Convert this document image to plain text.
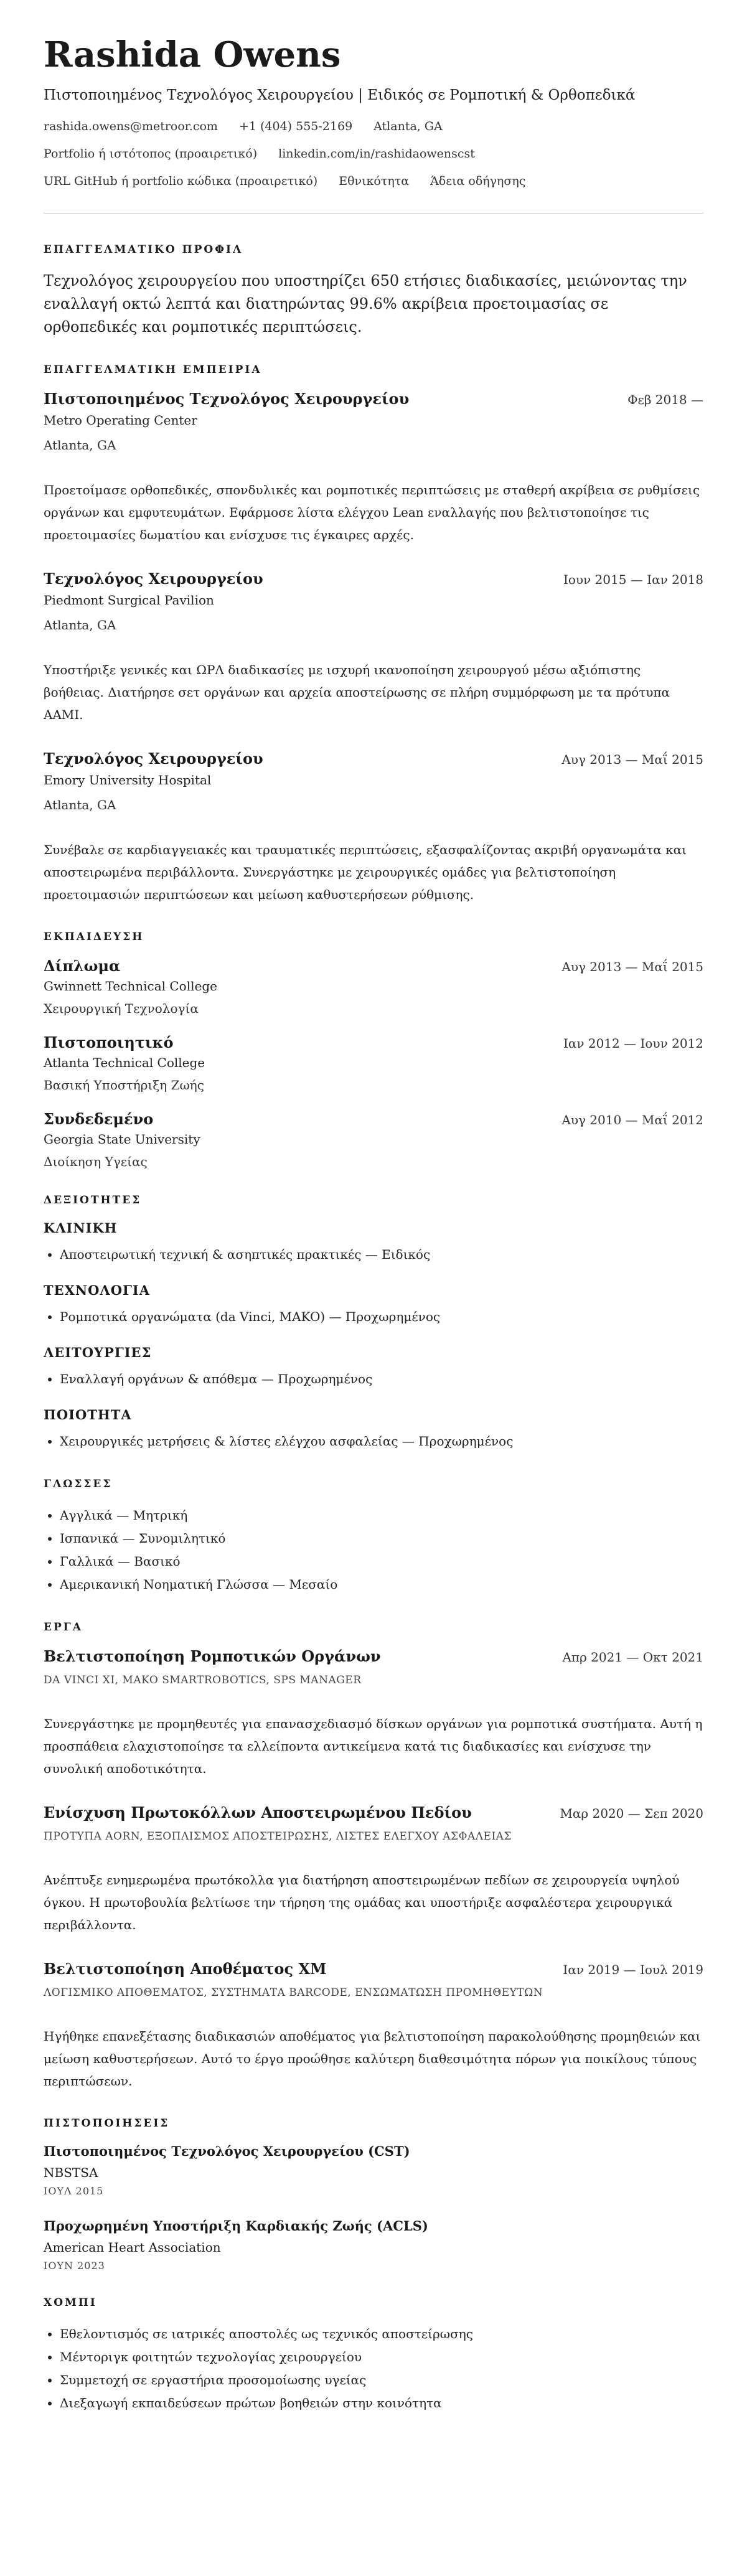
Rashida Owens
Πιστοποιημένος Τεχνολόγος Χειρουργείου | Ειδικός σε Ρομποτική & Ορθοπεδικά
rashida.owens@metroor.com +1 (404) 555-2169 Atlanta, GA
Portfolio ή ιστότοπος (προαιρετικό) linkedin.com/in/rashidaowenscst
URL GitHub ή portfolio κώδικα (προαιρετικό) Εθνικότητα Άδεια οδήγησης
ΕΠΑΓΓΕΛΜΑΤΙΚΟ ΠΡΟΦΙΛ

Τεχνολόγος χειρουργείου που υποστηρίζει 650 ετήσιες διαδικασίες, μειώνοντας την εναλλαγή οκτώ λεπτά και διατηρώντας 99.6% ακρίβεια προετοιμασίας σε ορθοπεδικές και ρομποτικές περιπτώσεις.

ΕΠΑΓΓΕΛΜΑΤΙΚΗ ΕΜΠΕΙΡΙΑ
Πιστοποιημένος Τεχνολόγος Χειρουργείου	Φεβ 2018 —
Metro Operating Center
Atlanta, GA

Προετοίμασε ορθοπεδικές, σπονδυλικές και ρομποτικές περιπτώσεις με σταθερή ακρίβεια σε ρυθμίσεις οργάνων και εμφυτευμάτων. Εφάρμοσε λίστα ελέγχου Lean εναλλαγής που βελτιστοποίησε τις προετοιμασίες δωματίου και ενίσχυσε τις έγκαιρες αρχές.

Τεχνολόγος Χειρουργείου	Ιουν 2015 — Ιαν 2018
Piedmont Surgical Pavilion
Atlanta, GA

Υποστήριξε γενικές και ΩΡΛ διαδικασίες με ισχυρή ικανοποίηση χειρουργού μέσω αξιόπιστης βοήθειας. Διατήρησε σετ οργάνων και αρχεία αποστείρωσης σε πλήρη συμμόρφωση με τα πρότυπα AAMI.

Τεχνολόγος Χειρουργείου	Αυγ 2013 — Μαΐ 2015
Emory University Hospital
Atlanta, GA

Συνέβαλε σε καρδιαγγειακές και τραυματικές περιπτώσεις, εξασφαλίζοντας ακριβή οργανωμάτα και αποστειρωμένα περιβάλλοντα. Συνεργάστηκε με χειρουργικές ομάδες για βελτιστοποίηση προετοιμασιών περιπτώσεων και μείωση καθυστερήσεων ρύθμισης.

ΕΚΠΑΙΔΕΥΣΗ
Δίπλωμα	Αυγ 2013 — Μαΐ 2015
Gwinnett Technical College
Χειρουργική Τεχνολογία
Πιστοποιητικό	Ιαν 2012 — Ιουν 2012
Atlanta Technical College
Βασική Υποστήριξη Ζωής
Συνδεδεμένο	Αυγ 2010 — Μαΐ 2012
Georgia State University
Διοίκηση Υγείας
ΔΕΞΙΟΤΗΤΕΣ
ΚΛΙΝΙΚΗ
• Αποστειρωτική τεχνική & ασηπτικές πρακτικές — Ειδικός
ΤΕΧΝΟΛΟΓΙΑ
• Ρομποτικά οργανώματα (da Vinci, MAKO) — Προχωρημένος
ΛΕΙΤΟΥΡΓΙΕΣ
• Εναλλαγή οργάνων & απόθεμα — Προχωρημένος
ΠΟΙΟΤΗΤΑ
• Χειρουργικές μετρήσεις & λίστες ελέγχου ασφαλείας — Προχωρημένος
ΓΛΩΣΣΕΣ
• Αγγλικά — Μητρική
• Ισπανικά — Συνομιλητικό
• Γαλλικά — Βασικό
• Αμερικανική Νοηματική Γλώσσα — Μεσαίο
ΕΡΓΑ
Βελτιστοποίηση Ρομποτικών Οργάνων	Απρ 2021 — Οκτ 2021
DA VINCI XI, MAKO SMARTROBOTICS, SPS MANAGER

Συνεργάστηκε με προμηθευτές για επανασχεδιασμό δίσκων οργάνων για ρομποτικά συστήματα. Αυτή η προσπάθεια ελαχιστοποίησε τα ελλείποντα αντικείμενα κατά τις διαδικασίες και ενίσχυσε την συνολική αποδοτικότητα.

Ενίσχυση Πρωτοκόλλων Αποστειρωμένου Πεδίου	Μαρ 2020 — Σεπ 2020
ΠΡΟΤΥΠΑ AORN, ΕΞΟΠΛΙΣΜΟΣ ΑΠΟΣΤΕΙΡΩΣΗΣ, ΛΙΣΤΕΣ ΕΛΕΓΧΟΥ ΑΣΦΑΛΕΙΑΣ

Ανέπτυξε ενημερωμένα πρωτόκολλα για διατήρηση αποστειρωμένων πεδίων σε χειρουργεία υψηλού όγκου. Η πρωτοβουλία βελτίωσε την τήρηση της ομάδας και υποστήριξε ασφαλέστερα χειρουργικά περιβάλλοντα.

Βελτιστοποίηση Αποθέματος ΧΜ	Ιαν 2019 — Ιουλ 2019
ΛΟΓΙΣΜΙΚΟ ΑΠΟΘΕΜΑΤΟΣ, ΣΥΣΤΗΜΑΤΑ BARCODE, ΕΝΣΩΜΑΤΩΣΗ ΠΡΟΜΗΘΕΥΤΩΝ

Ηγήθηκε επανεξέτασης διαδικασιών αποθέματος για βελτιστοποίηση παρακολούθησης προμηθειών και μείωση καθυστερήσεων. Αυτό το έργο προώθησε καλύτερη διαθεσιμότητα πόρων για ποικίλους τύπους περιπτώσεων.

ΠΙΣΤΟΠΟΙΗΣΕΙΣ
Πιστοποιημένος Τεχνολόγος Χειρουργείου (CST)
NBSTSA
ΙΟΥΛ 2015
Προχωρημένη Υποστήριξη Καρδιακής Ζωής (ACLS)
American Heart Association
ΙΟΥΝ 2023
ΧΟΜΠΙ
• Εθελοντισμός σε ιατρικές αποστολές ως τεχνικός αποστείρωσης
• Μέντοριγκ φοιτητών τεχνολογίας χειρουργείου
• Συμμετοχή σε εργαστήρια προσομοίωσης υγείας
• Διεξαγωγή εκπαιδεύσεων πρώτων βοηθειών στην κοινότητα
